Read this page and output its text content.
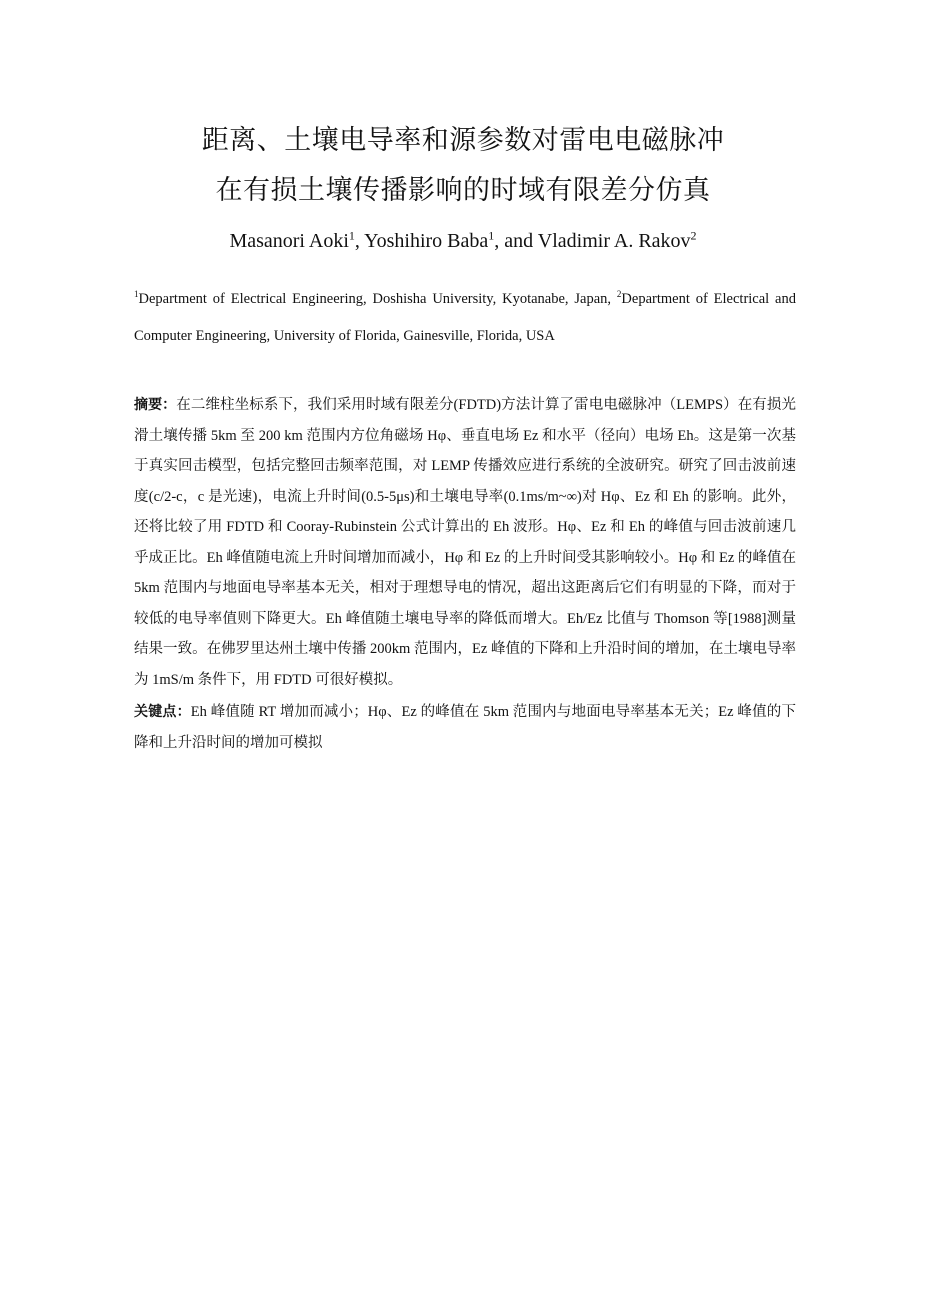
距离、土壤电导率和源参数对雷电电磁脉冲
在有损土壤传播影响的时域有限差分仿真
Masanori Aoki$^1$, Yoshihiro Baba$^1$, and Vladimir A. Rakov$^2$
$^1$Department of Electrical Engineering, Doshisha University, Kyotanabe, Japan, $^2$Department of Electrical and Computer Engineering, University of Florida, Gainesville, Florida, USA

摘要：在二维柱坐标系下，我们采用时域有限差分(FDTD)方法计算了雷电电磁脉冲（LEMPS）在有损光滑土壤传播 5km 至 200 km 范围内方位角磁场 Hφ、垂直电场 Ez 和水平（径向）电场 Eh。这是第一次基于真实回击模型，包括完整回击频率范围，对 LEMP 传播效应进行系统的全波研究。研究了回击波前速度(c/2-c，c 是光速)，电流上升时间(0.5-5μs)和土壤电导率(0.1ms/m~∞)对 Hφ、Ez 和 Eh 的影响。此外，还将比较了用 FDTD 和 Cooray-Rubinstein 公式计算出的 Eh 波形。Hφ、Ez 和 Eh 的峰值与回击波前速几乎成正比。Eh 峰值随电流上升时间增加而减小，Hφ 和 Ez 的上升时间受其影响较小。Hφ 和 Ez 的峰值在 5km 范围内与地面电导率基本无关，相对于理想导电的情况，超出这距离后它们有明显的下降，而对于较低的电导率值则下降更大。Eh 峰值随土壤电导率的降低而增大。Eh/Ez 比值与 Thomson 等[1988]测量结果一致。在佛罗里达州土壤中传播 200km 范围内，Ez 峰值的下降和上升沿时间的增加，在土壤电导率为 1mS/m 条件下，用 FDTD 可很好模拟。

关键点：Eh 峰值随 RT 增加而减小；Hφ、Ez 的峰值在 5km 范围内与地面电导率基本无关；Ez 峰值的下降和上升沿时间的增加可模拟
